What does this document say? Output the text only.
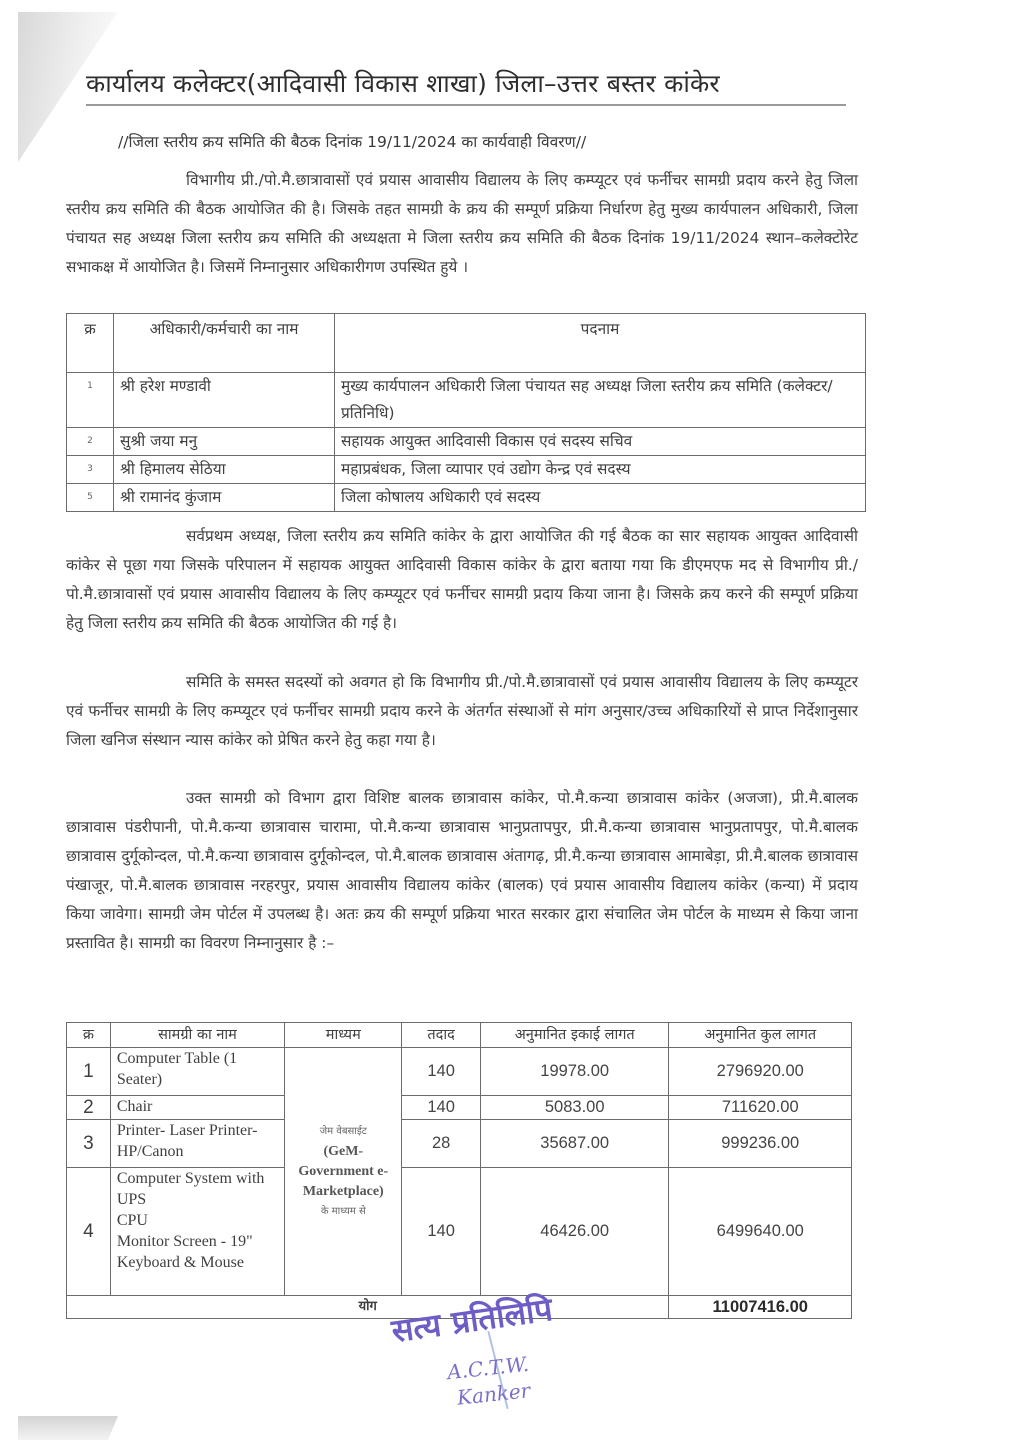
कार्यालय कलेक्टर(आदिवासी विकास शाखा) जिला–उत्तर बस्तर कांकेर
//जिला स्तरीय क्रय समिति की बैठक दिनांक 19/11/2024 का कार्यवाही विवरण//
विभागीय प्री./पो.मै.छात्रावासों एवं प्रयास आवासीय विद्यालय के लिए कम्प्यूटर एवं फर्नीचर सामग्री प्रदाय करने हेतु जिला स्तरीय क्रय समिति की बैठक आयोजित की है। जिसके तहत सामग्री के क्रय की सम्पूर्ण प्रक्रिया निर्धारण हेतु मुख्य कार्यपालन अधिकारी, जिला पंचायत सह अध्यक्ष जिला स्तरीय क्रय समिति की अध्यक्षता मे जिला स्तरीय क्रय समिति की बैठक दिनांक 19/11/2024 स्थान–कलेक्टोरेट सभाकक्ष में आयोजित है। जिसमें निम्नानुसार अधिकारीगण उपस्थित हुये ।
क्र	अधिकारी/कर्मचारी का नाम	पदनाम
1	श्री हरेश मण्डावी	मुख्य कार्यपालन अधिकारी जिला पंचायत सह अध्यक्ष जिला स्तरीय क्रय समिति (कलेक्टर/ प्रतिनिधि)
2	सुश्री जया मनु	सहायक आयुक्त आदिवासी विकास एवं सदस्य सचिव
3	श्री हिमालय सेठिया	महाप्रबंधक, जिला व्यापार एवं उद्योग केन्द्र एवं सदस्य
5	श्री रामानंद कुंजाम	जिला कोषालय अधिकारी एवं सदस्य
सर्वप्रथम अध्यक्ष, जिला स्तरीय क्रय समिति कांकेर के द्वारा आयोजित की गई बैठक का सार सहायक आयुक्त आदिवासी कांकेर से पूछा गया जिसके परिपालन में सहायक आयुक्त आदिवासी विकास कांकेर के द्वारा बताया गया कि डीएमएफ मद से विभागीय प्री./पो.मै.छात्रावासों एवं प्रयास आवासीय विद्यालय के लिए कम्प्यूटर एवं फर्नीचर सामग्री प्रदाय किया जाना है। जिसके क्रय करने की सम्पूर्ण प्रक्रिया हेतु जिला स्तरीय क्रय समिति की बैठक आयोजित की गई है।
समिति के समस्त सदस्यों को अवगत हो कि विभागीय प्री./पो.मै.छात्रावासों एवं प्रयास आवासीय विद्यालय के लिए कम्प्यूटर एवं फर्नीचर सामग्री के लिए कम्प्यूटर एवं फर्नीचर सामग्री प्रदाय करने के अंतर्गत संस्थाओं से मांग अनुसार/उच्च अधिकारियों से प्राप्त निर्देशानुसार जिला खनिज संस्थान न्यास कांकेर को प्रेषित करने हेतु कहा गया है।
उक्त सामग्री को विभाग द्वारा विशिष्ट बालक छात्रावास कांकेर, पो.मै.कन्या छात्रावास कांकेर (अजजा), प्री.मै.बालक छात्रावास पंडरीपानी, पो.मै.कन्या छात्रावास चारामा, पो.मै.कन्या छात्रावास भानुप्रतापपुर, प्री.मै.कन्या छात्रावास भानुप्रतापपुर, पो.मै.बालक छात्रावास दुर्गूकोन्दल, पो.मै.कन्या छात्रावास दुर्गूकोन्दल, पो.मै.बालक छात्रावास अंतागढ़, प्री.मै.कन्या छात्रावास आमाबेड़ा, प्री.मै.बालक छात्रावास पंखाजूर, पो.मै.बालक छात्रावास नरहरपुर, प्रयास आवासीय विद्यालय कांकेर (बालक) एवं प्रयास आवासीय विद्यालय कांकेर (कन्या) में प्रदाय किया जावेगा। सामग्री जेम पोर्टल में उपलब्ध है। अतः क्रय की सम्पूर्ण प्रक्रिया भारत सरकार द्वारा संचालित जेम पोर्टल के माध्यम से किया जाना प्रस्तावित है। सामग्री का विवरण निम्नानुसार है :–
क्र	सामग्री का नाम	माध्यम	तदाद	अनुमानित इकाई लागत	अनुमानित कुल लागत
1	Computer Table (1 Seater)	जेम वेबसाईट
(GeM-Government e-Marketplace)
के माध्यम से	140	19978.00	2796920.00
2	Chair		140	5083.00	711620.00
3	Printer- Laser Printer-HP/Canon		28	35687.00	999236.00
4	Computer System with UPS
CPU
Monitor Screen - 19"
Keyboard & Mouse		140	46426.00	6499640.00
योग					11007416.00
सत्य प्रतिलिपि
A.C.T.W.
Kanker
